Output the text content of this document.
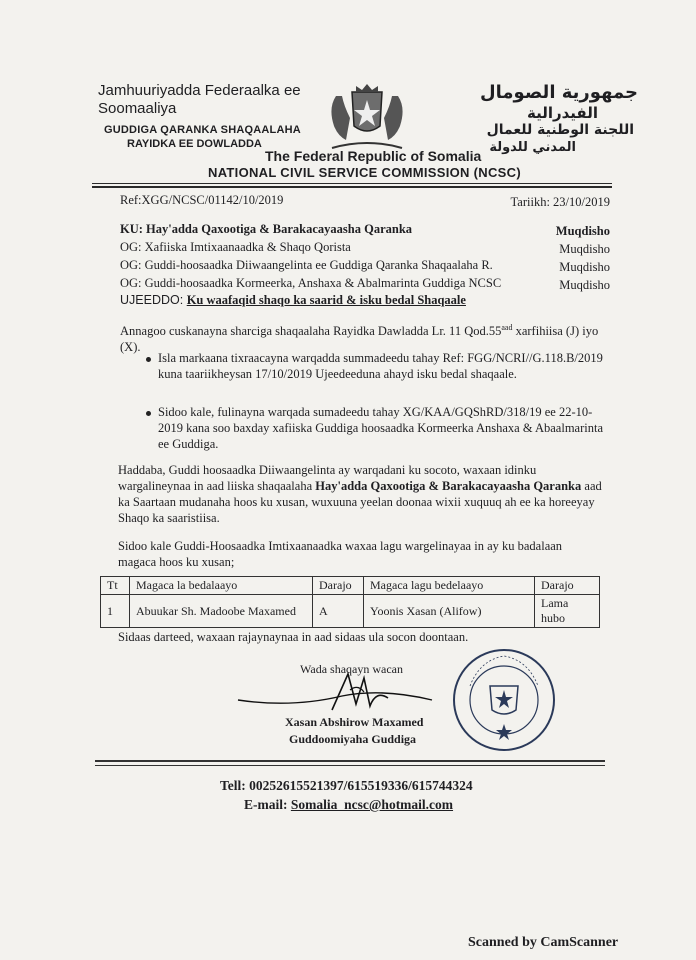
Jamhuuriyadda Federaalka ee
Soomaaliya
GUDDIGA QARANKA SHAQAALAHA
RAYIDKA EE DOWLADDA
جمهورية الصومال
الفيدرالية
اللجنة الوطنية للعمال
المدني للدولة
The Federal Republic of Somalia
NATIONAL CIVIL SERVICE COMMISSION (NCSC)
Ref:XGG/NCSC/01142/10/2019	Tariikh: 23/10/2019
KU: Hay'adda Qaxootiga & Barakacayaasha Qaranka	Muqdisho
OG: Xafiiska Imtixaanaadka & Shaqo Qorista	Muqdisho
OG: Guddi-hoosaadka Diiwaangelinta ee Guddiga Qaranka Shaqaalaha R.	Muqdisho
OG: Guddi-hoosaadka Kormeerka, Anshaxa & Abalmarinta Guddiga NCSC	Muqdisho
UJEEDDO: Ku waafaqid shaqo ka saarid & isku bedal Shaqaale
Annagoo cuskanayna sharciga shaqaalaha Rayidka Dawladda Lr. 11 Qod.55$^{aad}$ xarfihiisa (J) iyo
(X).
Isla markaana tixraacayna warqadda summadeedu tahay Ref: FGG/NCRI//G.118.B/2019
kuna taariikheysan 17/10/2019 Ujeedeeduna ahayd isku bedal shaqaale.
Sidoo kale, fulinayna warqada sumadeedu tahay XG/KAA/GQShRD/318/19 ee 22-10-
2019 kana soo baxday xafiiska Guddiga hoosaadka Kormeerka Anshaxa & Abaalmarinta
ee Guddiga.
Haddaba, Guddi hoosaadka Diiwaangelinta ay warqadani ku socoto, waxaan idinku
wargalineynaa in aad liiska shaqaalaha Hay'adda Qaxootiga & Barakacayaasha Qaranka aad
ka Saartaan mudanaha hoos ku xusan, wuxuuna yeelan doonaa wixii xuquuq ah ee ka horeeyay
Shaqo ka saaristiisa.
Sidoo kale Guddi-Hoosaadka Imtixaanaadka waxaa lagu wargelinayaa in ay ku badalaan
magaca hoos ku xusan;
Tt	Magaca la bedalaayo	Darajo	Magaca lagu bedelaayo	Darajo
1	Abuukar Sh. Madoobe Maxamed	A	Yoonis Xasan (Alifow)	Lama hubo
Sidaas darteed, waxaan rajaynaynaa in aad sidaas ula socon doontaan.
Wada shaqayn wacan
Xasan Abshirow Maxamed
Guddoomiyaha Guddiga
Tell: 00252615521397/615519336/615744324
E-mail: Somalia_ncsc@hotmail.com
Scanned by CamScanner
